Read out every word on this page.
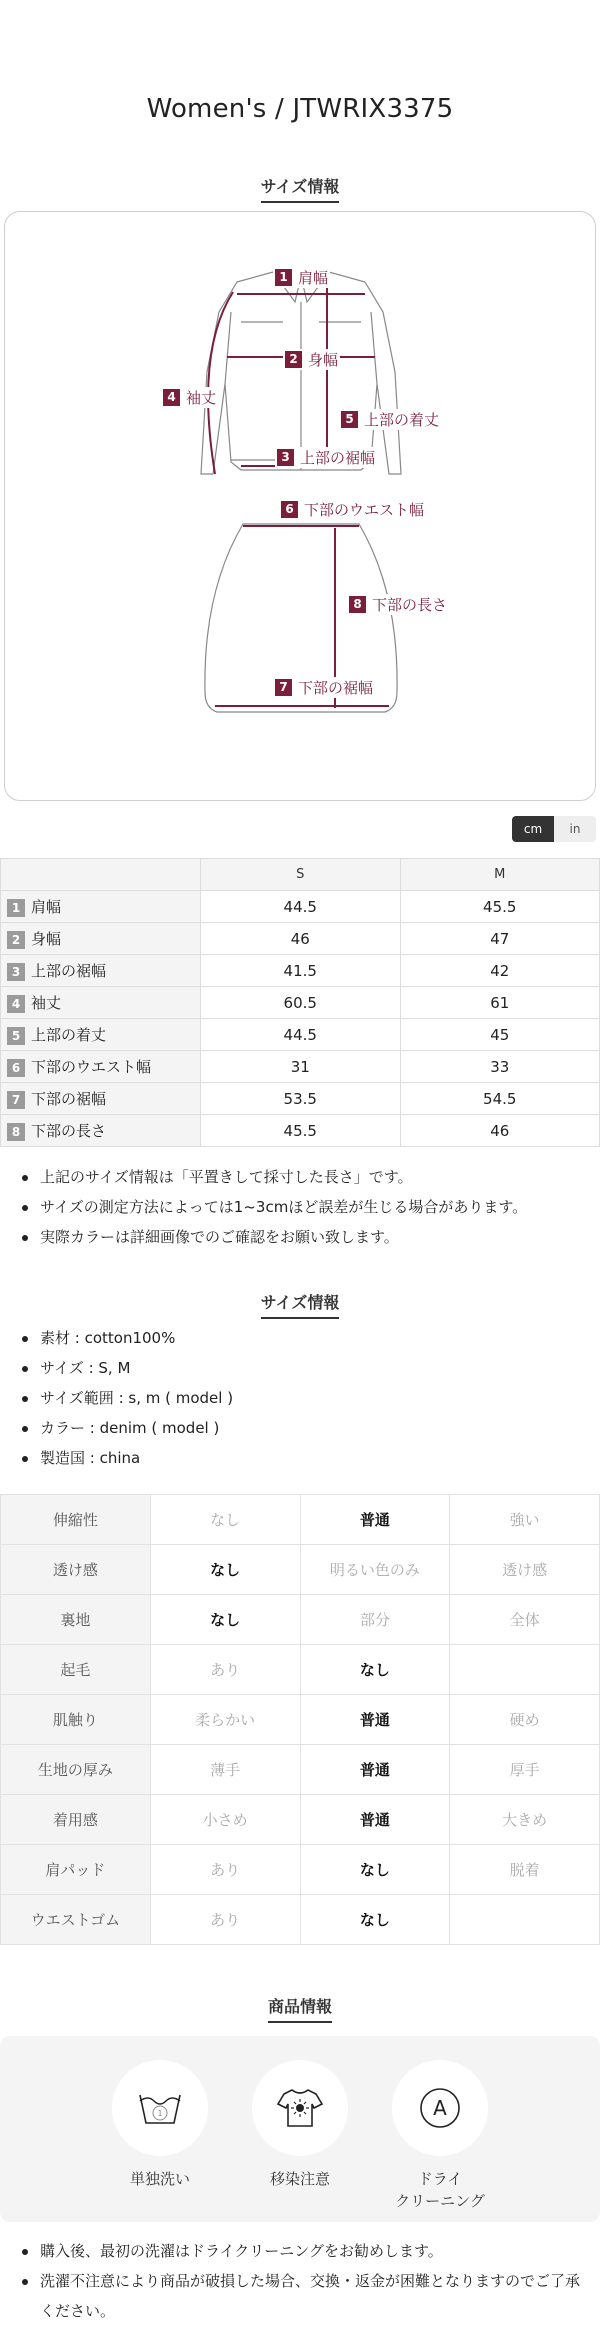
Women's / JTWRIX3375
サイズ情報
1 肩幅
2 身幅
3 上部の裾幅
4 袖丈
5 上部の着丈
6 下部のウエスト幅
7 下部の裾幅
8 下部の長さ
cm	in
	S	M
1 肩幅	44.5	45.5
2 身幅	46	47
3 上部の裾幅	41.5	42
4 袖丈	60.5	61
5 上部の着丈	44.5	45
6 下部のウエスト幅	31	33
7 下部の裾幅	53.5	54.5
8 下部の長さ	45.5	46
上記のサイズ情報は「平置きして採寸した長さ」です。
サイズの測定方法によっては1~3cmほど誤差が生じる場合があります。
実際カラーは詳細画像でのご確認をお願い致します。
サイズ情報
素材 : cotton100%
サイズ : S, M
サイズ範囲 : s, m ( model )
カラー : denim ( model )
製造国 : china
伸縮性	なし	普通	強い
透け感	なし	明るい色のみ	透け感
裏地	なし	部分	全体
起毛	あり	なし	
肌触り	柔らかい	普通	硬め
生地の厚み	薄手	普通	厚手
着用感	小さめ	普通	大きめ
肩パッド	あり	なし	脱着
ウエストゴム	あり	なし	
商品情報
1
単独洗い	移染注意
A
ドライ
クリーニング
購入後、最初の洗濯はドライクリーニングをお勧めします。
洗濯不注意により商品が破損した場合、交換・返金が困難となりますのでご了承ください。
